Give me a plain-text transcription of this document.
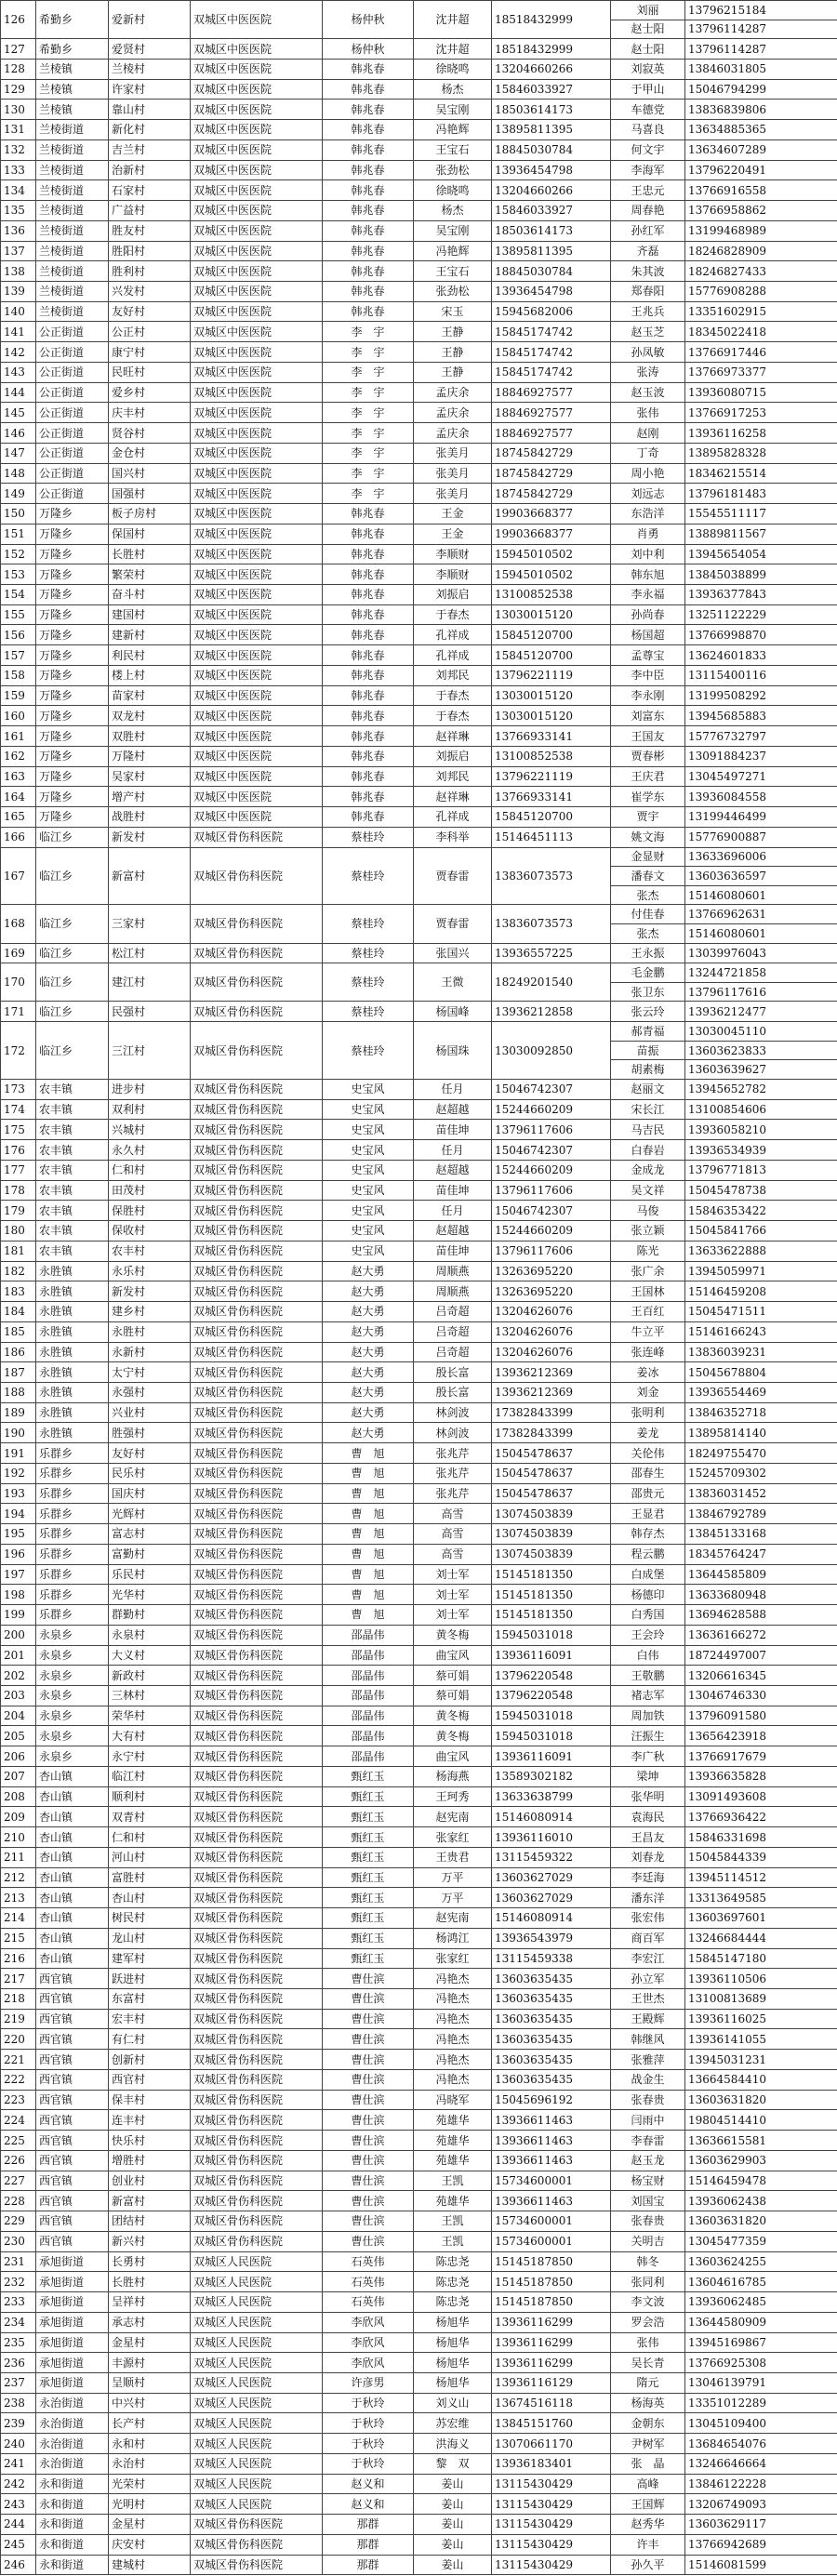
126	希勤乡	爱新村	双城区中医医院	杨仲秋	沈井超	18518432999	刘丽	13796215184
							赵士阳	13796114287
127	希勤乡	爱贤村	双城区中医医院	杨仲秋	沈井超	18518432999	赵士阳	13796114287
128	兰棱镇	兰棱村	双城区中医医院	韩兆春	徐晓鸣	13204660266	刘寂英	13846031805
129	兰棱镇	许家村	双城区中医医院	韩兆春	杨杰	15846033927	于甲山	15046794299
130	兰棱镇	靠山村	双城区中医医院	韩兆春	吴宝刚	18503614173	车德党	13836839806
131	兰棱街道	新化村	双城区中医医院	韩兆春	冯艳辉	13895811395	马喜良	13634885365
132	兰棱街道	吉兰村	双城区中医医院	韩兆春	王宝石	18845030784	何文宇	13634607289
133	兰棱街道	治新村	双城区中医医院	韩兆春	张劲松	13936454798	李海军	13796220491
134	兰棱街道	石家村	双城区中医医院	韩兆春	徐晓鸣	13204660266	王忠元	13766916558
135	兰棱街道	广益村	双城区中医医院	韩兆春	杨杰	15846033927	周春艳	13766958862
136	兰棱街道	胜友村	双城区中医医院	韩兆春	吴宝刚	18503614173	孙红军	13199468989
137	兰棱街道	胜阳村	双城区中医医院	韩兆春	冯艳辉	13895811395	齐磊	18246828909
138	兰棱街道	胜利村	双城区中医医院	韩兆春	王宝石	18845030784	朱其波	18246827433
139	兰棱街道	兴发村	双城区中医医院	韩兆春	张劲松	13936454798	郑春阳	15776908288
140	兰棱街道	友好村	双城区中医医院	韩兆春	宋玉	15945682006	王兆兵	13351602915
141	公正街道	公正村	双城区中医医院	李　宇	王静	15845174742	赵玉芝	18345022418
142	公正街道	康宁村	双城区中医医院	李　宇	王静	15845174742	孙凤敏	13766917446
143	公正街道	民旺村	双城区中医医院	李　宇	王静	15845174742	张涛	13766973377
144	公正街道	爱乡村	双城区中医医院	李　宇	孟庆余	18846927577	赵玉波	13936080715
145	公正街道	庆丰村	双城区中医医院	李　宇	孟庆余	18846927577	张伟	13766917253
146	公正街道	贤谷村	双城区中医医院	李　宇	孟庆余	18846927577	赵刚	13936116258
147	公正街道	金仓村	双城区中医医院	李　宇	张美月	18745842729	丁奇	13895828328
148	公正街道	国兴村	双城区中医医院	李　宇	张美月	18745842729	周小艳	18346215514
149	公正街道	国强村	双城区中医医院	李　宇	张美月	18745842729	刘远志	13796181483
150	万隆乡	板子房村	双城区中医医院	韩兆春	王金	19903668377	东浩洋	15545511117
151	万隆乡	保国村	双城区中医医院	韩兆春	王金	19903668377	肖勇	13889811567
152	万隆乡	长胜村	双城区中医医院	韩兆春	李顺财	15945010502	刘中利	13945654054
153	万隆乡	繁荣村	双城区中医医院	韩兆春	李顺财	15945010502	韩东旭	13845038899
154	万隆乡	奋斗村	双城区中医医院	韩兆春	刘振启	13100852538	李永福	13936377843
155	万隆乡	建国村	双城区中医医院	韩兆春	于春杰	13030015120	孙尚春	13251122229
156	万隆乡	建新村	双城区中医医院	韩兆春	孔祥成	15845120700	杨国超	13766998870
157	万隆乡	利民村	双城区中医医院	韩兆春	孔祥成	15845120700	孟尊宝	13624601833
158	万隆乡	楼上村	双城区中医医院	韩兆春	刘邦民	13796221119	李中臣	13115400116
159	万隆乡	苗家村	双城区中医医院	韩兆春	于春杰	13030015120	李永刚	13199508292
160	万隆乡	双龙村	双城区中医医院	韩兆春	于春杰	13030015120	刘富东	13945685883
161	万隆乡	双胜村	双城区中医医院	韩兆春	赵祥琳	13766933141	王国友	15776732797
162	万隆乡	万隆村	双城区中医医院	韩兆春	刘振启	13100852538	贾春彬	13091884237
163	万隆乡	吴家村	双城区中医医院	韩兆春	刘邦民	13796221119	王庆君	13045497271
164	万隆乡	增产村	双城区中医医院	韩兆春	赵祥琳	13766933141	崔学东	13936084558
165	万隆乡	战胜村	双城区中医医院	韩兆春	孔祥成	15845120700	贾宇	13199446499
166	临江乡	新发村	双城区骨伤科医院	蔡桂玲	李科举	15146451113	姚文海	15776900887
167	临江乡	新富村	双城区骨伤科医院	蔡桂玲	贾春雷	13836073573	金显财	13633696006
							潘春文	13603636597
							张杰	15146080601
168	临江乡	三家村	双城区骨伤科医院	蔡桂玲	贾春雷	13836073573	付佳春	13766962631
							张杰	15146080601
169	临江乡	松江村	双城区骨伤科医院	蔡桂玲	张国兴	13936557225	王永振	13039976043
170	临江乡	建江村	双城区骨伤科医院	蔡桂玲	王微	18249201540	毛金鹏	13244721858
							张卫东	13796117616
171	临江乡	民强村	双城区骨伤科医院	蔡桂玲	杨国峰	13936212858	张云玲	13936212477
172	临江乡	三江村	双城区骨伤科医院	蔡桂玲	杨国珠	13030092850	郝青福	13030045110
							苗振	13603623833
							胡素梅	13603639627
173	农丰镇	进步村	双城区骨伤科医院	史宝风	任月	15046742307	赵丽文	13945652782
174	农丰镇	双利村	双城区骨伤科医院	史宝风	赵超越	15244660209	宋长江	13100854606
175	农丰镇	兴城村	双城区骨伤科医院	史宝风	苗佳坤	13796117606	马吉民	13936058210
176	农丰镇	永久村	双城区骨伤科医院	史宝风	任月	15046742307	白春岩	13936534939
177	农丰镇	仁和村	双城区骨伤科医院	史宝风	赵超越	15244660209	金成龙	13796771813
178	农丰镇	田茂村	双城区骨伤科医院	史宝风	苗佳坤	13796117606	吴文祥	15045478738
179	农丰镇	保胜村	双城区骨伤科医院	史宝风	任月	15046742307	马俊	15846353422
180	农丰镇	保收村	双城区骨伤科医院	史宝风	赵超越	15244660209	张立颖	15045841766
181	农丰镇	农丰村	双城区骨伤科医院	史宝风	苗佳坤	13796117606	陈光	13633622888
182	永胜镇	永乐村	双城区骨伤科医院	赵大勇	周顺燕	13263695220	张广余	13945059971
183	永胜镇	新发村	双城区骨伤科医院	赵大勇	周顺燕	13263695220	王国林	15146459208
184	永胜镇	建乡村	双城区骨伤科医院	赵大勇	吕奇超	13204626076	王百红	15045471511
185	永胜镇	永胜村	双城区骨伤科医院	赵大勇	吕奇超	13204626076	牛立平	15146166243
186	永胜镇	永新村	双城区骨伤科医院	赵大勇	吕奇超	13204626076	张连峰	13836039231
187	永胜镇	太宁村	双城区骨伤科医院	赵大勇	殷长富	13936212369	姜冰	15045678804
188	永胜镇	永强村	双城区骨伤科医院	赵大勇	殷长富	13936212369	刘金	13936554469
189	永胜镇	兴业村	双城区骨伤科医院	赵大勇	林剑波	17382843399	张明利	13846352718
190	永胜镇	胜强村	双城区骨伤科医院	赵大勇	林剑波	17382843399	姜龙	13895814140
191	乐群乡	友好村	双城区骨伤科医院	曹　旭	张兆芹	15045478637	关伦伟	18249755470
192	乐群乡	民乐村	双城区骨伤科医院	曹　旭	张兆芹	15045478637	邵春生	15245709302
193	乐群乡	国庆村	双城区骨伤科医院	曹　旭	张兆芹	15045478637	邵贵元	13836031452
194	乐群乡	光辉村	双城区骨伤科医院	曹　旭	高雪	13074503839	王显君	13846792789
195	乐群乡	富志村	双城区骨伤科医院	曹　旭	高雪	13074503839	韩存杰	13845133168
196	乐群乡	富勤村	双城区骨伤科医院	曹　旭	高雪	13074503839	程云鹏	18345764247
197	乐群乡	乐民村	双城区骨伤科医院	曹　旭	刘士军	15145181350	白成堡	13644585809
198	乐群乡	光华村	双城区骨伤科医院	曹　旭	刘士军	15145181350	杨德印	13633680948
199	乐群乡	群勤村	双城区骨伤科医院	曹　旭	刘士军	15145181350	白秀国	13694628588
200	永泉乡	永泉村	双城区骨伤科医院	邵晶伟	黄冬梅	15945031018	王会玲	13636166272
201	永泉乡	大义村	双城区骨伤科医院	邵晶伟	曲宝风	13936116091	白伟	18724497007
202	永泉乡	新政村	双城区骨伤科医院	邵晶伟	蔡可娟	13796220548	王敬鹏	13206616345
203	永泉乡	三林村	双城区骨伤科医院	邵晶伟	蔡可娟	13796220548	褚志军	13046746330
204	永泉乡	荣华村	双城区骨伤科医院	邵晶伟	黄冬梅	15945031018	周加铁	13796091580
205	永泉乡	大有村	双城区骨伤科医院	邵晶伟	黄冬梅	15945031018	汪振生	13656423918
206	永泉乡	永宁村	双城区骨伤科医院	邵晶伟	曲宝风	13936116091	李广秋	13766917679
207	杏山镇	临江村	双城区骨伤科医院	甄红玉	杨海燕	13589302182	梁坤	13936635828
208	杏山镇	顺利村	双城区骨伤科医院	甄红玉	王珂秀	13633638799	张华明	13091493608
209	杏山镇	双青村	双城区骨伤科医院	甄红玉	赵宪南	15146080914	袁海民	13766936422
210	杏山镇	仁和村	双城区骨伤科医院	甄红玉	张家红	13936116010	王昌友	15846331698
211	杏山镇	河山村	双城区骨伤科医院	甄红玉	王贵君	13115459322	刘春龙	15045844339
212	杏山镇	富胜村	双城区骨伤科医院	甄红玉	万平	13603627029	李廷海	13945114512
213	杏山镇	杏山村	双城区骨伤科医院	甄红玉	万平	13603627029	潘东洋	13313649585
214	杏山镇	树民村	双城区骨伤科医院	甄红玉	赵宪南	15146080914	张宏伟	13603697601
215	杏山镇	龙山村	双城区骨伤科医院	甄红玉	杨鸿江	13936543979	商百军	13246684444
216	杏山镇	建军村	双城区骨伤科医院	甄红玉	张家红	13115459338	李宏江	15845147180
217	西官镇	跃进村	双城区骨伤科医院	曹仕滨	冯艳杰	13603635435	孙立军	13936110506
218	西官镇	东富村	双城区骨伤科医院	曹仕滨	冯艳杰	13603635435	王世杰	13100813689
219	西官镇	宏丰村	双城区骨伤科医院	曹仕滨	冯艳杰	13603635435	王殿辉	13936116025
220	西官镇	有仁村	双城区骨伤科医院	曹仕滨	冯艳杰	13603635435	韩继风	13936141055
221	西官镇	创新村	双城区骨伤科医院	曹仕滨	冯艳杰	13603635435	张雅萍	13945031231
222	西官镇	西官村	双城区骨伤科医院	曹仕滨	冯艳杰	13603635435	战金生	13664584410
223	西官镇	保丰村	双城区骨伤科医院	曹仕滨	冯晓军	15045696192	张春贵	13603631820
224	西官镇	连丰村	双城区骨伤科医院	曹仕滨	苑雄华	13936611463	闫雨中	19804514410
225	西官镇	快乐村	双城区骨伤科医院	曹仕滨	苑雄华	13936611463	李春雷	13636615581
226	西官镇	增胜村	双城区骨伤科医院	曹仕滨	苑雄华	13936611463	赵玉龙	13603629903
227	西官镇	创业村	双城区骨伤科医院	曹仕滨	王凯	15734600001	杨宝财	15146459478
228	西官镇	新富村	双城区骨伤科医院	曹仕滨	苑雄华	13936611463	刘国宝	13936062438
229	西官镇	团结村	双城区骨伤科医院	曹仕滨	王凯	15734600001	张春贵	13603631820
230	西官镇	新兴村	双城区骨伤科医院	曹仕滨	王凯	15734600001	关明吉	13045477359
231	承旭街道	长勇村	双城区人民医院	石英伟	陈忠尧	15145187850	韩冬	13603624255
232	承旭街道	长胜村	双城区人民医院	石英伟	陈忠尧	15145187850	张同利	13604616785
233	承旭街道	呈祥村	双城区人民医院	石英伟	陈忠尧	15145187850	李文波	13936062485
234	承旭街道	承志村	双城区人民医院	李欣风	杨旭华	13936116299	罗会浩	13644580909
235	承旭街道	金星村	双城区人民医院	李欣风	杨旭华	13936116299	张伟	13945169867
236	承旭街道	丰源村	双城区人民医院	李欣风	杨旭华	13936116299	吴长青	13766925308
237	承旭街道	呈顺村	双城区人民医院	许彦男	杨旭华	13936116129	隋元	13046139791
238	永治街道	中兴村	双城区人民医院	于秋玲	刘义山	13674516118	杨海英	13351012289
239	永治街道	长产村	双城区人民医院	于秋玲	苏宏维	13845151760	金朝东	13045109400
240	永治街道	永和村	双城区人民医院	于秋玲	洪海义	13070661170	尹树军	13684654076
241	永治街道	永治村	双城区人民医院	于秋玲	黎　双	13936183401	张　晶	13246646664
242	永和街道	光荣村	双城区人民医院	赵义和	姜山	13115430429	高峰	13846122228
243	永和街道	光明村	双城区人民医院	赵义和	姜山	13115430429	王国辉	13206749093
244	永和街道	金星村	双城区骨伤科医院	那群	姜山	13115430429	赵秀华	13603629117
245	永和街道	庆安村	双城区骨伤科医院	那群	姜山	13115430429	许丰	13766942689
246	永和街道	建城村	双城区骨伤科医院	那群	姜山	13115430429	孙久平	15146081599
